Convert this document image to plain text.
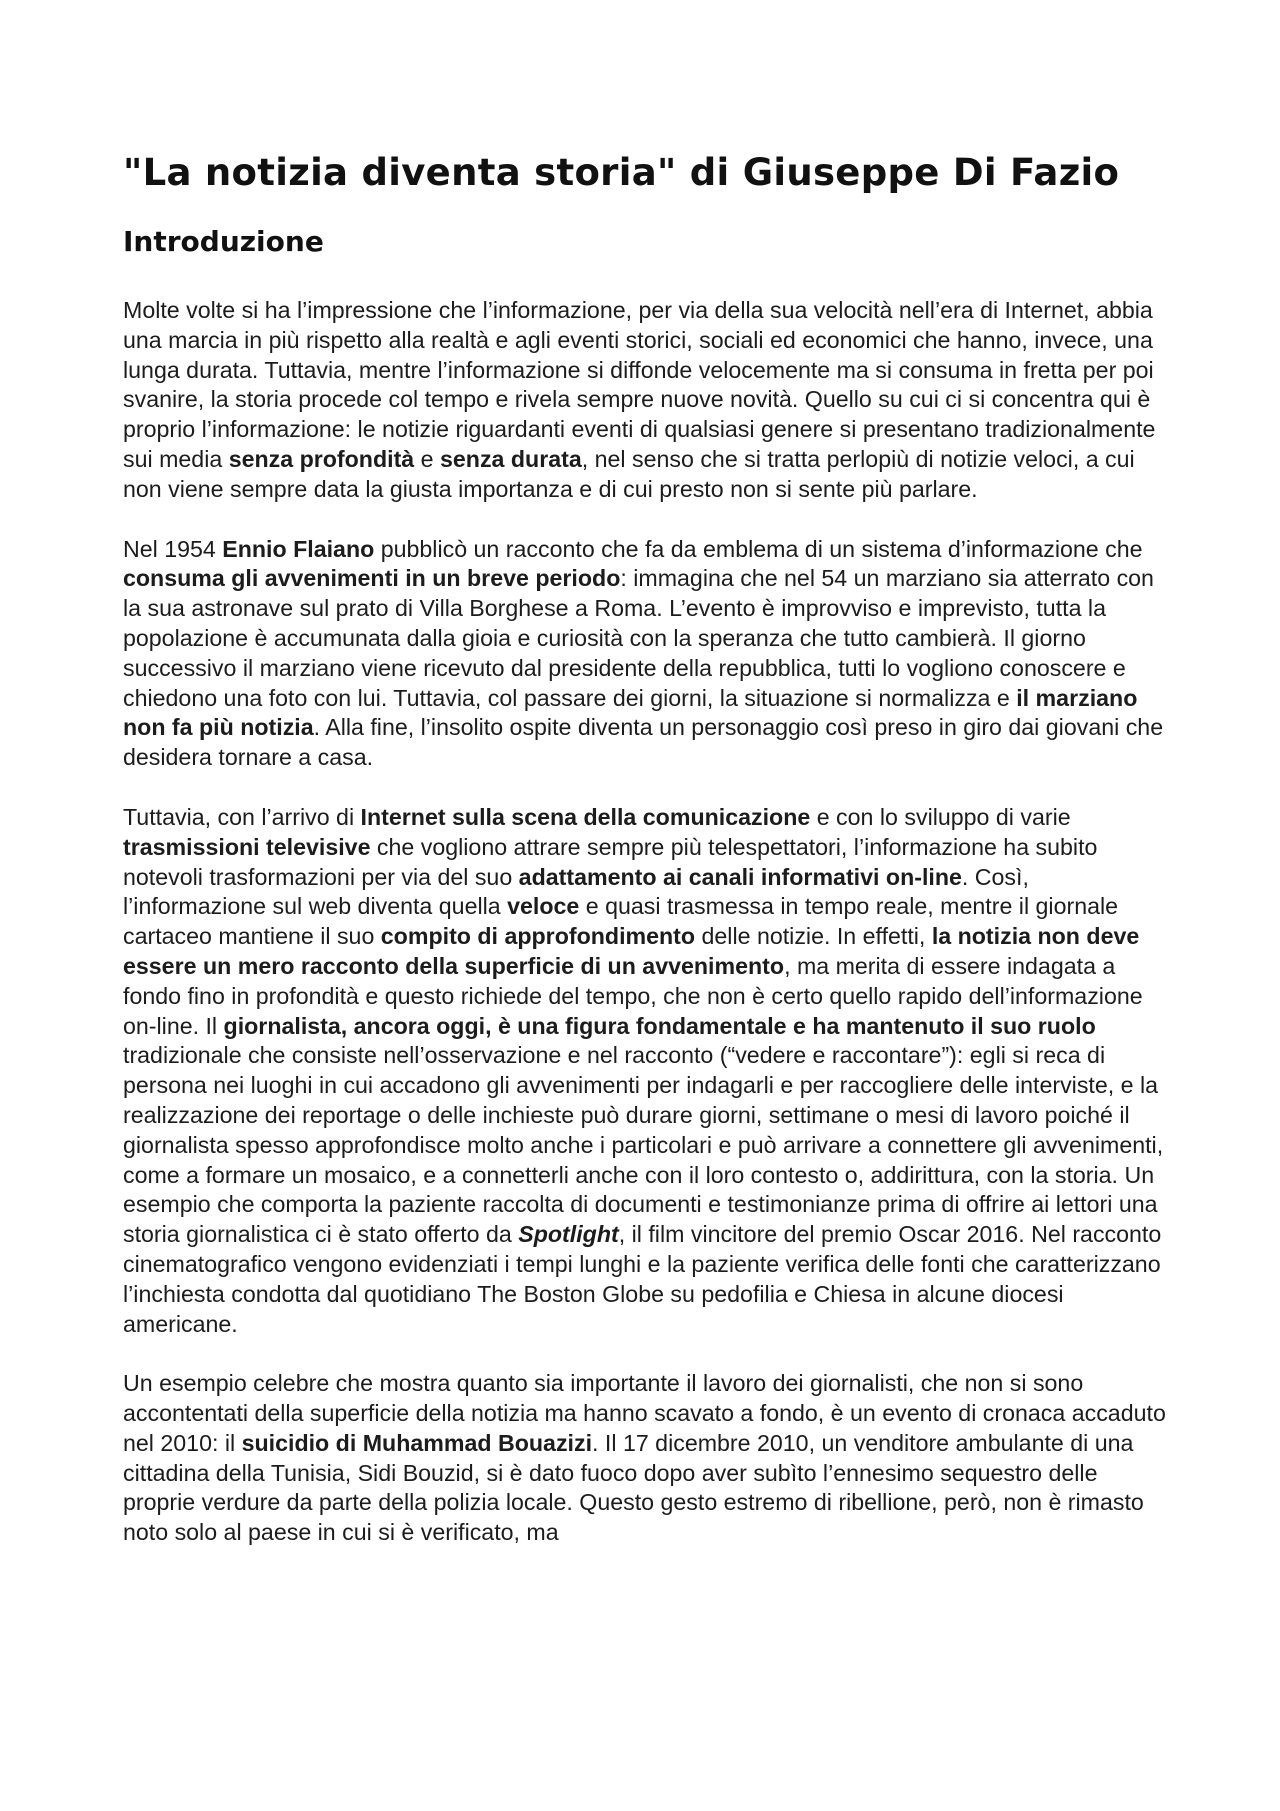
"La notizia diventa storia" di Giuseppe Di Fazio
Introduzione

Molte volte si ha l’impressione che l’informazione, per via della sua velocità nell’era di Internet, abbia una marcia in più rispetto alla realtà e agli eventi storici, sociali ed economici che hanno, invece, una lunga durata. Tuttavia, mentre l’informazione si diffonde velocemente ma si consuma in fretta per poi svanire, la storia procede col tempo e rivela sempre nuove novità. Quello su cui ci si concentra qui è proprio l’informazione: le notizie riguardanti eventi di qualsiasi genere si presentano tradizionalmente sui media senza profondità e senza durata, nel senso che si tratta perlopiù di notizie veloci, a cui non viene sempre data la giusta importanza e di cui presto non si sente più parlare.

Nel 1954 Ennio Flaiano pubblicò un racconto che fa da emblema di un sistema d’informazione che consuma gli avvenimenti in un breve periodo: immagina che nel 54 un marziano sia atterrato con la sua astronave sul prato di Villa Borghese a Roma. L’evento è improvviso e imprevisto, tutta la popolazione è accumunata dalla gioia e curiosità con la speranza che tutto cambierà. Il giorno successivo il marziano viene ricevuto dal presidente della repubblica, tutti lo vogliono conoscere e chiedono una foto con lui. Tuttavia, col passare dei giorni, la situazione si normalizza e il marziano non fa più notizia. Alla fine, l’insolito ospite diventa un personaggio così preso in giro dai giovani che desidera tornare a casa.

Tuttavia, con l’arrivo di Internet sulla scena della comunicazione e con lo sviluppo di varie trasmissioni televisive che vogliono attrare sempre più telespettatori, l’informazione ha subito notevoli trasformazioni per via del suo adattamento ai canali informativi on-line. Così, l’informazione sul web diventa quella veloce e quasi trasmessa in tempo reale, mentre il giornale cartaceo mantiene il suo compito di approfondimento delle notizie. In effetti, la notizia non deve essere un mero racconto della superficie di un avvenimento, ma merita di essere indagata a fondo fino in profondità e questo richiede del tempo, che non è certo quello rapido dell’informazione on-line. Il giornalista, ancora oggi, è una figura fondamentale e ha mantenuto il suo ruolo tradizionale che consiste nell’osservazione e nel racconto (“vedere e raccontare”): egli si reca di persona nei luoghi in cui accadono gli avvenimenti per indagarli e per raccogliere delle interviste, e la realizzazione dei reportage o delle inchieste può durare giorni, settimane o mesi di lavoro poiché il giornalista spesso approfondisce molto anche i particolari e può arrivare a connettere gli avvenimenti, come a formare un mosaico, e a connetterli anche con il loro contesto o, addirittura, con la storia. Un esempio che comporta la paziente raccolta di documenti e testimonianze prima di offrire ai lettori una storia giornalistica ci è stato offerto da Spotlight, il film vincitore del premio Oscar 2016. Nel racconto cinematografico vengono evidenziati i tempi lunghi e la paziente verifica delle fonti che caratterizzano l’inchiesta condotta dal quotidiano The Boston Globe su pedofilia e Chiesa in alcune diocesi americane.

Un esempio celebre che mostra quanto sia importante il lavoro dei giornalisti, che non si sono accontentati della superficie della notizia ma hanno scavato a fondo, è un evento di cronaca accaduto nel 2010: il suicidio di Muhammad Bouazizi. Il 17 dicembre 2010, un venditore ambulante di una cittadina della Tunisia, Sidi Bouzid, si è dato fuoco dopo aver subìto l’ennesimo sequestro delle proprie verdure da parte della polizia locale. Questo gesto estremo di ribellione, però, non è rimasto noto solo al paese in cui si è verificato, ma
